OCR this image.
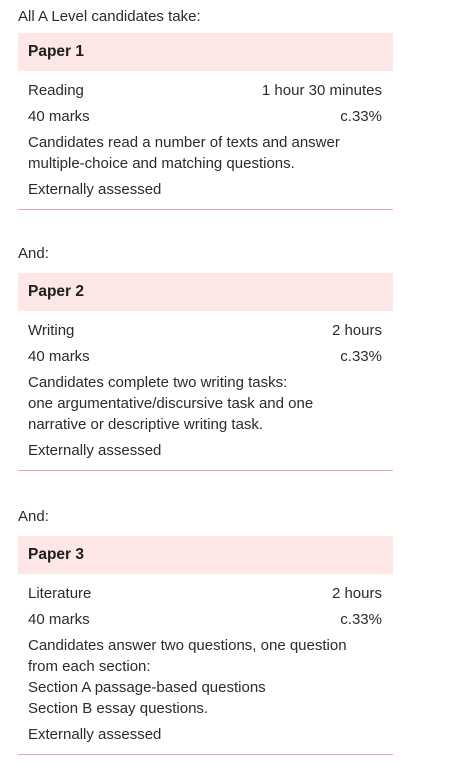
All A Level candidates take:

Paper 1
Reading	1 hour 30 minutes
40 marks	c.33%

Candidates read a number of texts and answer
multiple-choice and matching questions.

Externally assessed

And:

Paper 2
Writing	2 hours
40 marks	c.33%

Candidates complete two writing tasks:
one argumentative/discursive task and one
narrative or descriptive writing task.

Externally assessed

And:

Paper 3
Literature	2 hours
40 marks	c.33%

Candidates answer two questions, one question
from each section:
Section A passage-based questions
Section B essay questions.

Externally assessed
